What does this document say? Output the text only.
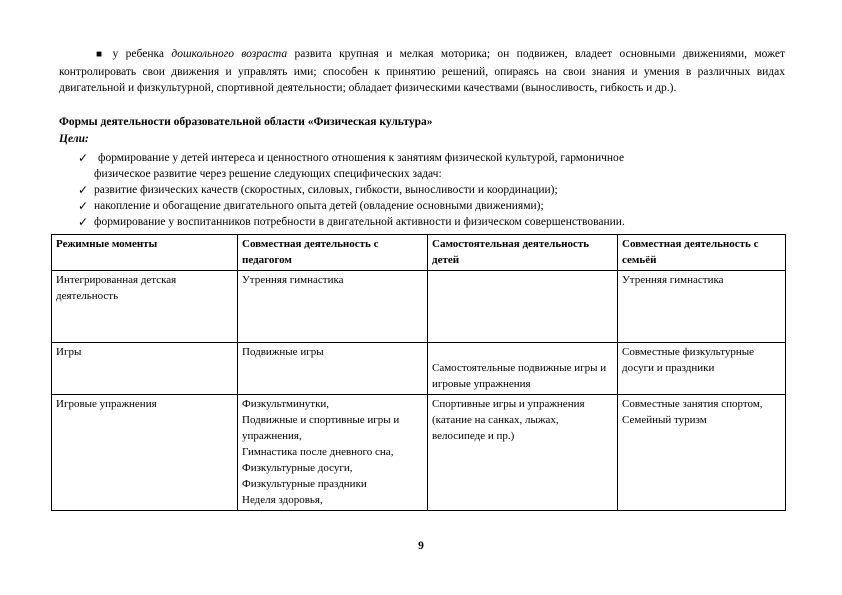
■ у ребенка дошкольного возраста развита крупная и мелкая моторика; он подвижен, владеет основными движениями, может контролировать свои движения и управлять ими; способен к принятию решений, опираясь на свои знания и умения в различных видах двигательной и физкультурной, спортивной деятельности; обладает физическими качествами (выносливость, гибкость и др.).
Формы деятельности образовательной области «Физическая культура»
Цели:
✓ формирование у детей интереса и ценностного отношения к занятиям физической культурой, гармоничное
физическое развитие через решение следующих специфических задач:
✓ развитие физических качеств (скоростных, силовых, гибкости, выносливости и координации);
✓ накопление и обогащение двигательного опыта детей (овладение основными движениями);
✓ формирование у воспитанников потребности в двигательной активности и физическом совершенствовании.
Режимные моменты	Совместная деятельность с педагогом	Самостоятельная деятельность детей	Совместная деятельность с семьёй
Интегрированная детская деятельность	Утренняя гимнастика		Утренняя гимнастика
Игры	Подвижные игры	Самостоятельные подвижные игры и игровые упражнения	Совместные физкультурные досуги и праздники
Игровые упражнения	Физкультминутки,
Подвижные и спортивные игры и упражнения,
Гимнастика после дневного сна, Физкультурные досуги,
Физкультурные праздники
Неделя здоровья,	Спортивные игры и упражнения (катание на санках, лыжах, велосипеде и пр.)	Совместные занятия спортом, Семейный туризм
9
